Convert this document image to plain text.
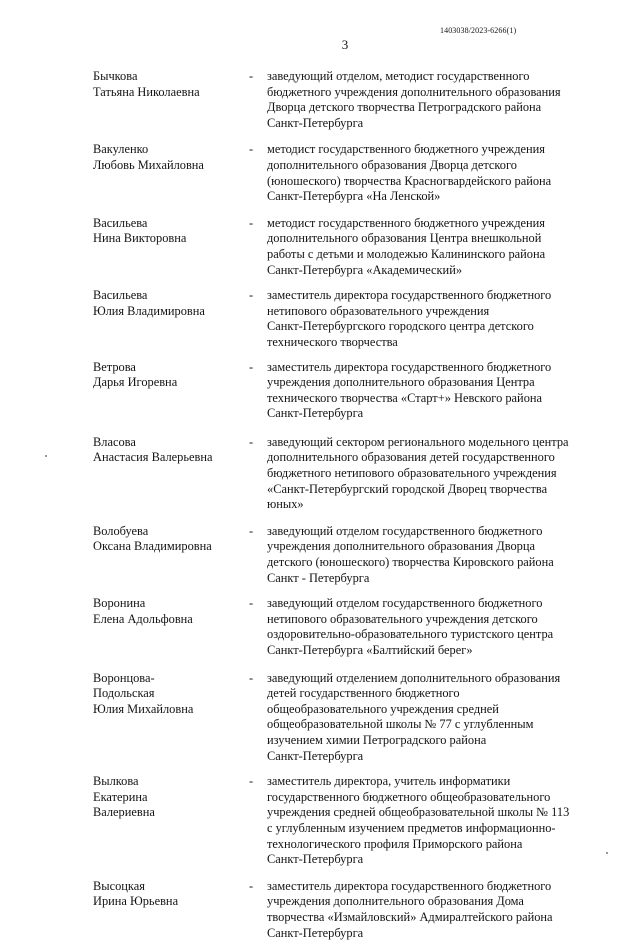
1403038/2023-6266(1)
3
Бычкова
Татьяна Николаевна
- заведующий отделом, методист государственного
бюджетного учреждения дополнительного образования
Дворца детского творчества Петроградского района
Санкт-Петербурга
Вакуленко
Любовь Михайловна
- методист государственного бюджетного учреждения
дополнительного образования Дворца детского
(юношеского) творчества Красногвардейского района
Санкт-Петербурга «На Ленской»
Васильева
Нина Викторовна
- методист государственного бюджетного учреждения
дополнительного образования Центра внешкольной
работы с детьми и молодежью Калининского района
Санкт-Петербурга «Академический»
Васильева
Юлия Владимировна
- заместитель директора государственного бюджетного
нетипового образовательного учреждения
Санкт-Петербургского городского центра детского
технического творчества
Ветрова
Дарья Игоревна
- заместитель директора государственного бюджетного
учреждения дополнительного образования Центра
технического творчества «Старт+» Невского района
Санкт-Петербурга
Власова
Анастасия Валерьевна
- заведующий сектором регионального модельного центра
дополнительного образования детей государственного
бюджетного нетипового образовательного учреждения
«Санкт-Петербургский городской Дворец творчества
юных»
Волобуева
Оксана Владимировна
- заведующий отделом государственного бюджетного
учреждения дополнительного образования Дворца
детского (юношеского) творчества Кировского района
Санкт - Петербурга
Воронина
Елена Адольфовна
- заведующий отделом государственного бюджетного
нетипового образовательного учреждения детского
оздоровительно-образовательного туристского центра
Санкт-Петербурга «Балтийский берег»
Воронцова-
Подольская
Юлия Михайловна
- заведующий отделением дополнительного образования
детей государственного бюджетного
общеобразовательного учреждения средней
общеобразовательной школы № 77 с углубленным
изучением химии Петроградского района
Санкт-Петербурга
Вылкова
Екатерина
Валериевна
- заместитель директора, учитель информатики
государственного бюджетного общеобразовательного
учреждения средней общеобразовательной школы № 113
с углубленным изучением предметов информационно-
технологического профиля Приморского района
Санкт-Петербурга
Высоцкая
Ирина Юрьевна
- заместитель директора государственного бюджетного
учреждения дополнительного образования Дома
творчества «Измайловский» Адмиралтейского района
Санкт-Петербурга
